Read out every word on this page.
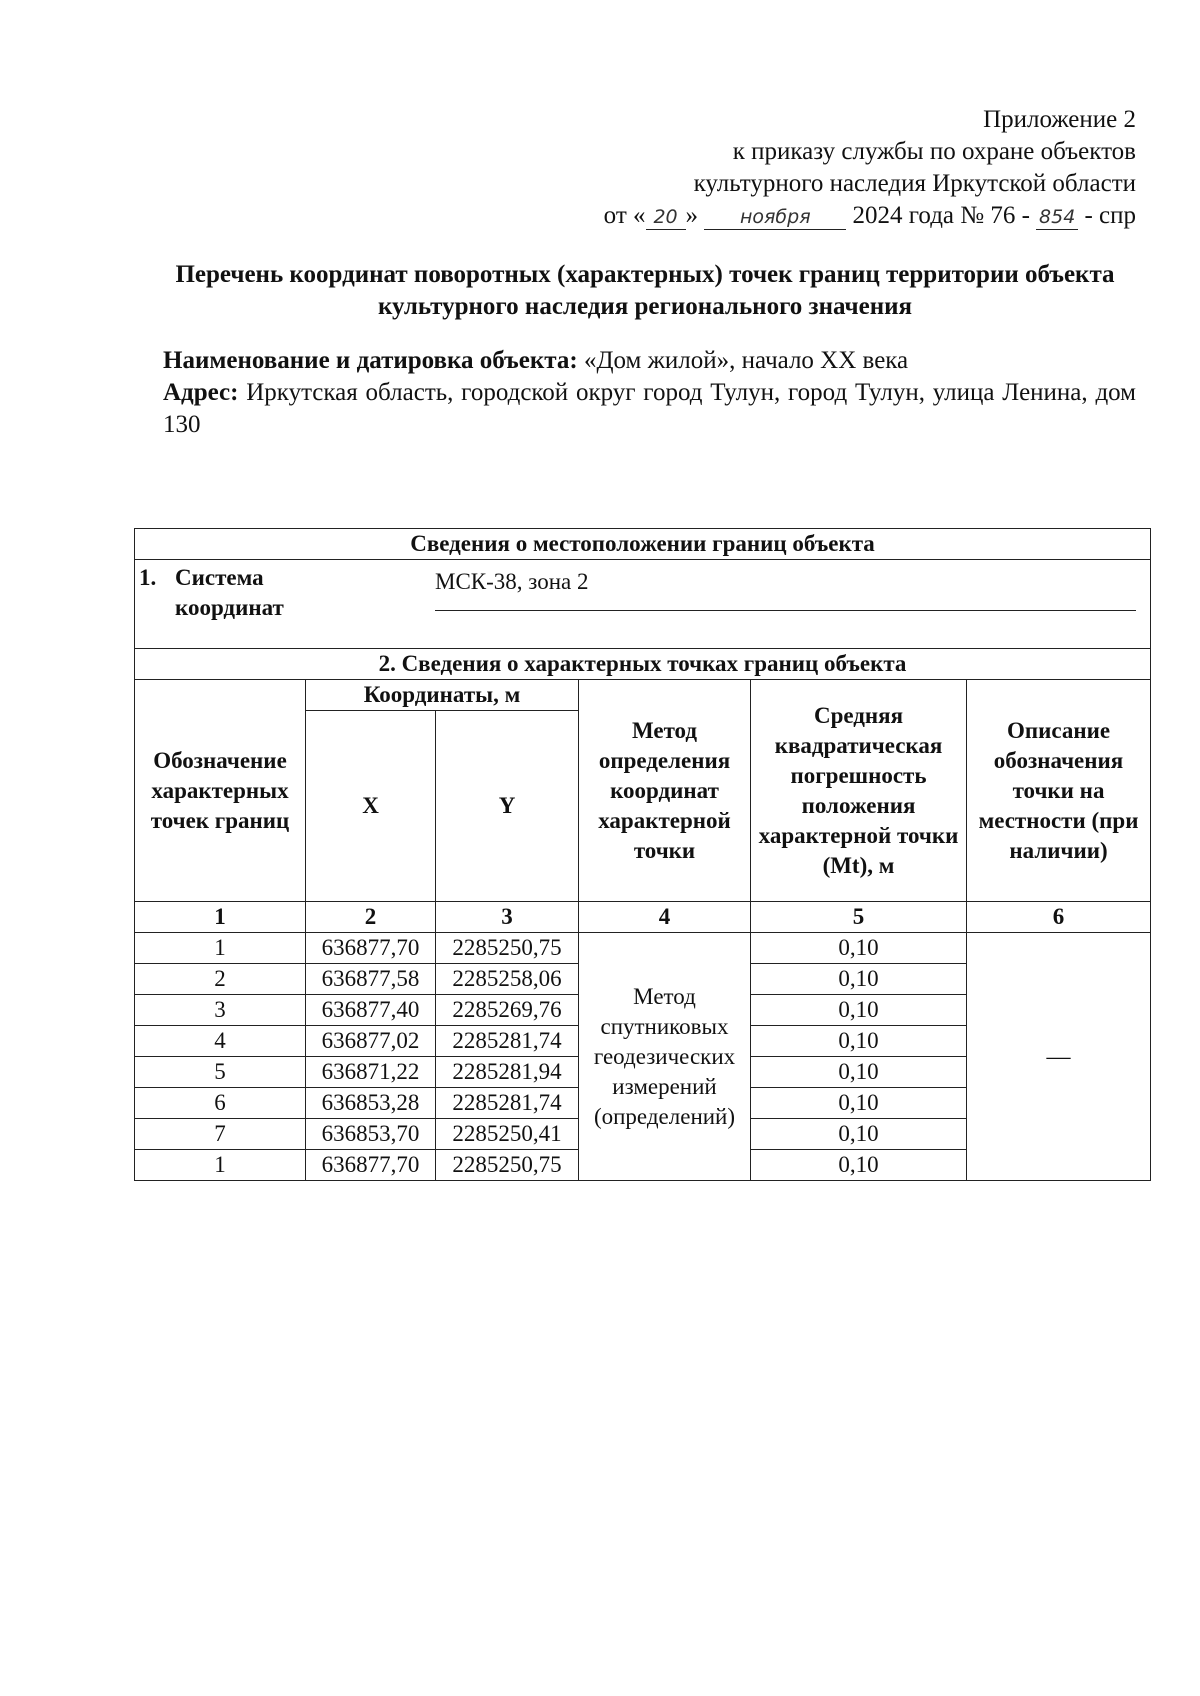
Приложение 2
к приказу службы по охране объектов
культурного наследия Иркутской области
от « 20 » ноября 2024 года № 76 - 854 - спр
Перечень координат поворотных (характерных) точек границ территории объекта культурного наследия регионального значения

Наименование и датировка объекта: «Дом жилой», начало XX века

Адрес: Иркутская область, городской округ город Тулун, город Тулун, улица Ленина, дом 130

Сведения о местоположении границ объекта					

1. Система
координат
МСК-38, зона 2					

2. Сведения о характерных точках границ объекта					
Обозначение характерных точек границ	Координаты, м		Метод определения координат характерной точки	Средняя квадратическая погрешность положения характерной точки (Mt), м	Описание обозначения точки на местности (при наличии)
	X	Y			
1	2	3	4	5	6
1	636877,70	2285250,75	Метод спутниковых геодезических измерений (определений)	0,10	—
2	636877,58	2285258,06		0,10	
3	636877,40	2285269,76		0,10	
4	636877,02	2285281,74		0,10	
5	636871,22	2285281,94		0,10	
6	636853,28	2285281,74		0,10	
7	636853,70	2285250,41		0,10	
1	636877,70	2285250,75		0,10	
